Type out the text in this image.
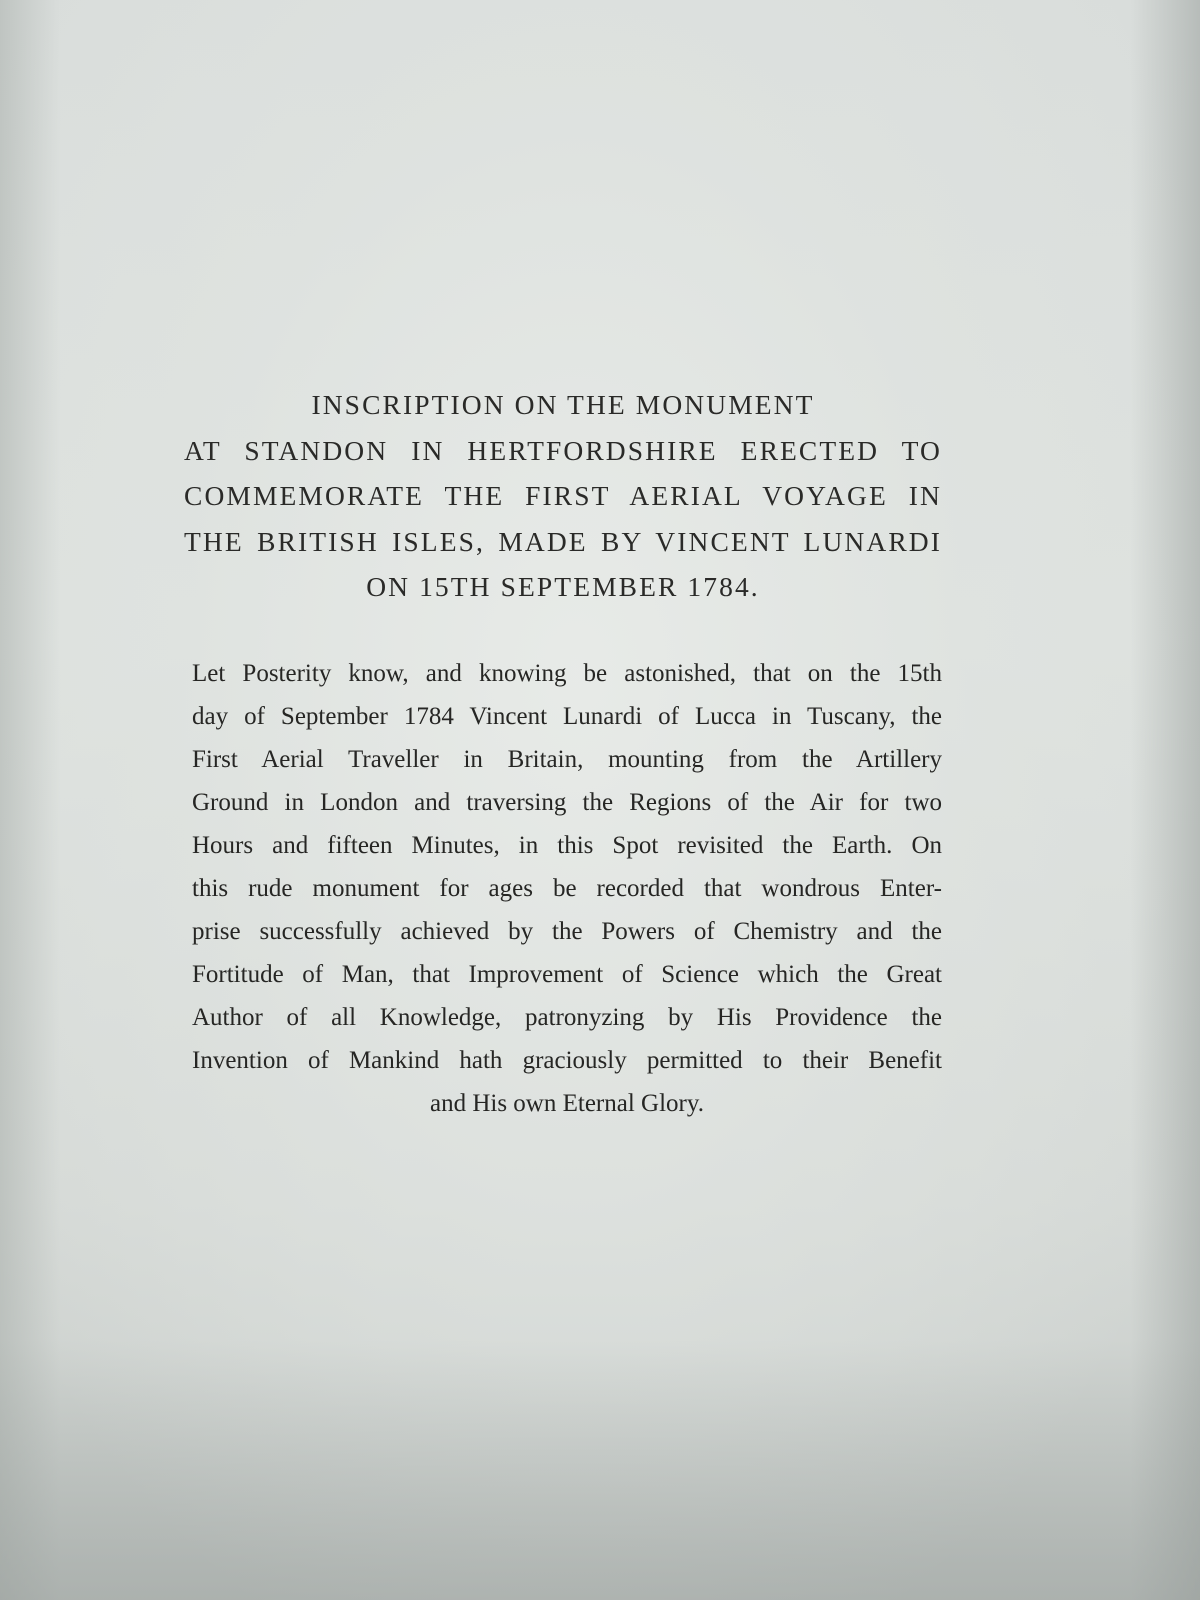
INSCRIPTION ON THE MONUMENT
AT STANDON IN HERTFORDSHIRE ERECTED TO
COMMEMORATE THE FIRST AERIAL VOYAGE IN
THE BRITISH ISLES, MADE BY VINCENT LUNARDI
ON 15TH SEPTEMBER 1784.
Let Posterity know, and knowing be astonished, that on the 15th
day of September 1784 Vincent Lunardi of Lucca in Tuscany, the
First Aerial Traveller in Britain, mounting from the Artillery
Ground in London and traversing the Regions of the Air for two
Hours and fifteen Minutes, in this Spot revisited the Earth. On
this rude monument for ages be recorded that wondrous Enter-
prise successfully achieved by the Powers of Chemistry and the
Fortitude of Man, that Improvement of Science which the Great
Author of all Knowledge, patronyzing by His Providence the
Invention of Mankind hath graciously permitted to their Benefit
and His own Eternal Glory.
